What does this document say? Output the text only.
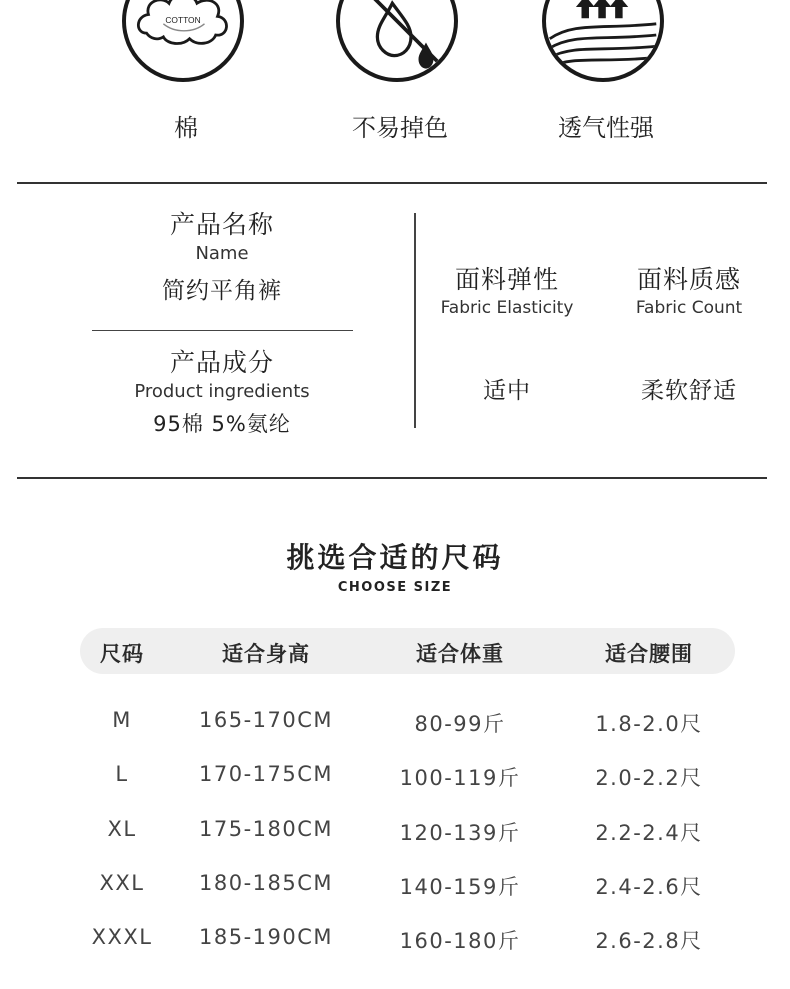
COTTON
棉	不易掉色	透气性强
产品名称
Name
简约平角裤
产品成分
Product ingredients
95棉 5%氨纶
面料弹性
Fabric Elasticity
面料质感
Fabric Count
适中	柔软舒适
挑选合适的尺码
CHOOSE SIZE
尺码	适合身高	适合体重	适合腰围
M	165-170CM	80-99斤	1.8-2.0尺
L	170-175CM	100-119斤	2.0-2.2尺
XL	175-180CM	120-139斤	2.2-2.4尺
XXL	180-185CM	140-159斤	2.4-2.6尺
XXXL	185-190CM	160-180斤	2.6-2.8尺
